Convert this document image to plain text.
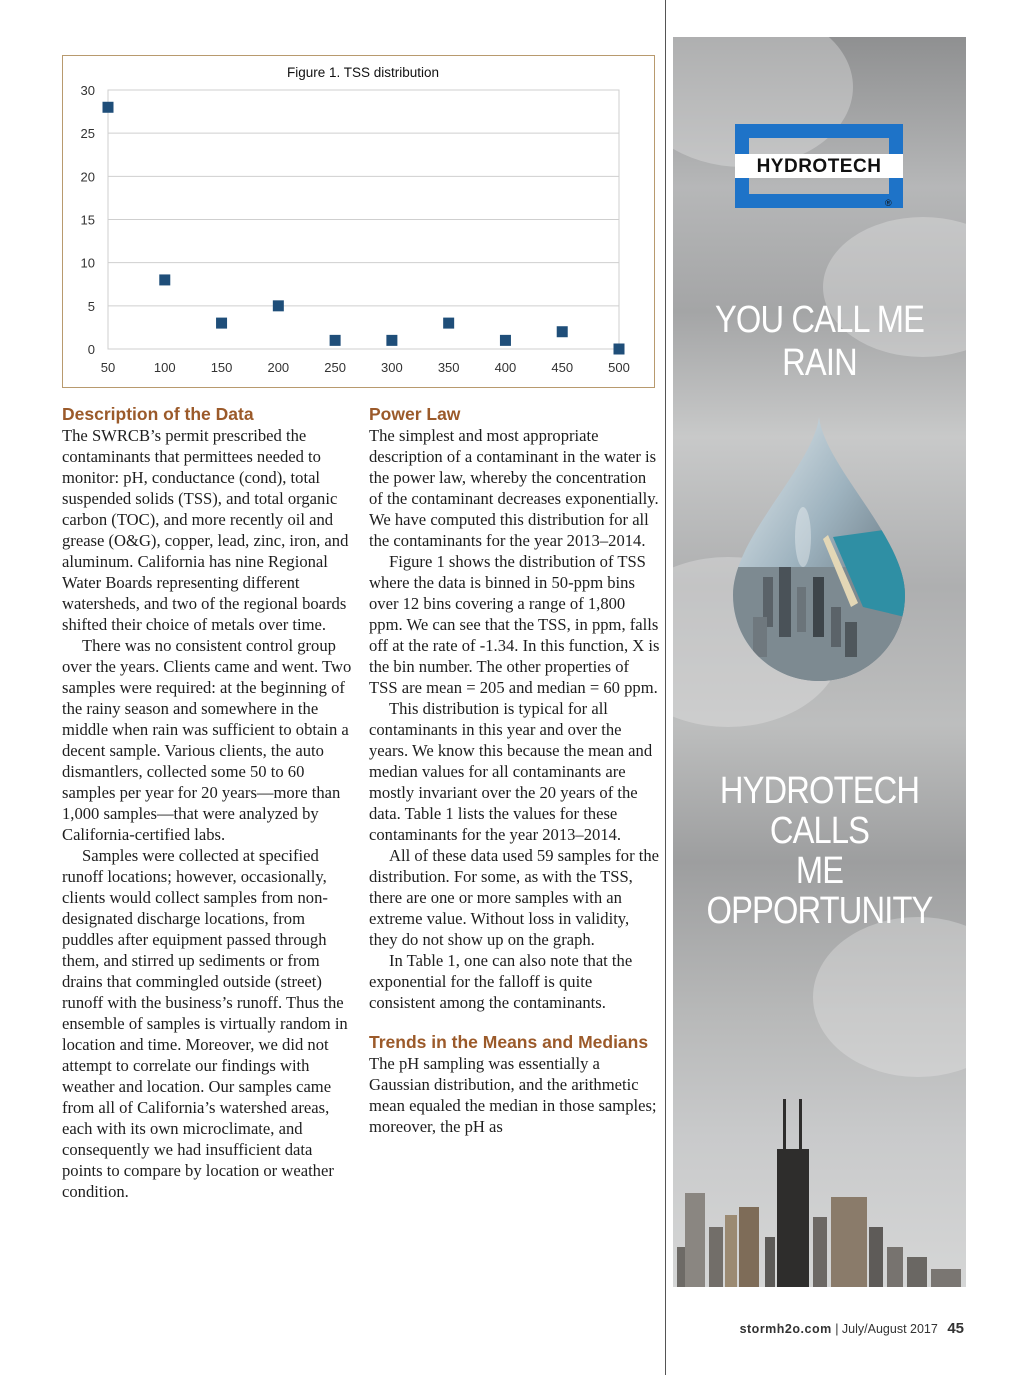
0
5
10
15
20
25
30
50	100	150	200	250	300	350	400	450	500
Figure 1. TSS distribution
Description of the Data

The SWRCB’s permit prescribed the contaminants that permittees needed to monitor: pH, conductance (cond), total suspended solids (TSS), and total organic carbon (TOC), and more recently oil and grease (O&G), copper, lead, zinc, iron, and aluminum. California has nine Regional Water Boards representing different watersheds, and two of the regional boards shifted their choice of metals over time.

There was no consistent control group over the years. Clients came and went. Two samples were required: at the beginning of the rainy season and somewhere in the middle when rain was sufficient to obtain a decent sample. Various clients, the auto dismantlers, collected some 50 to 60 samples per year for 20 years—more than 1,000 samples—that were analyzed by California-certified labs.

Samples were collected at specified runoff locations; however, occasionally, clients would collect samples from non-designated discharge locations, from puddles after equipment passed through them, and stirred up sediments or from drains that commingled outside (street) runoff with the business’s runoff. Thus the ensemble of samples is virtually random in location and time. Moreover, we did not attempt to correlate our findings with weather and location. Our samples came from all of California’s watershed areas, each with its own microclimate, and consequently we had insufficient data points to compare by location or weather condition.

Power Law

The simplest and most appropriate description of a contaminant in the water is the power law, whereby the concentration of the contaminant decreases exponentially. We have computed this distribution for all the contaminants for the year 2013–2014.

Figure 1 shows the distribution of TSS where the data is binned in 50-ppm bins over 12 bins covering a range of 1,800 ppm. We can see that the TSS, in ppm, falls off at the rate of -1.34. In this function, X is the bin number. The other properties of TSS are mean = 205 and median = 60 ppm.

This distribution is typical for all contaminants in this year and over the years. We know this because the mean and median values for all contaminants are mostly invariant over the 20 years of the data. Table 1 lists the values for these contaminants for the year 2013–2014.

All of these data used 59 samples for the distribution. For some, as with the TSS, there are one or more samples with an extreme value. Without loss in validity, they do not show up on the graph.

In Table 1, one can also note that the exponential for the falloff is quite consistent among the contaminants.

Trends in the Means and Medians

The pH sampling was essentially a Gaussian distribution, and the arithmetic mean equaled the median in those samples; moreover, the pH as

HYDROTECH
®
YOU CALL ME RAIN
HYDROTECH CALLS
ME OPPORTUNITY
stormh2o.com | July/August 2017 45
